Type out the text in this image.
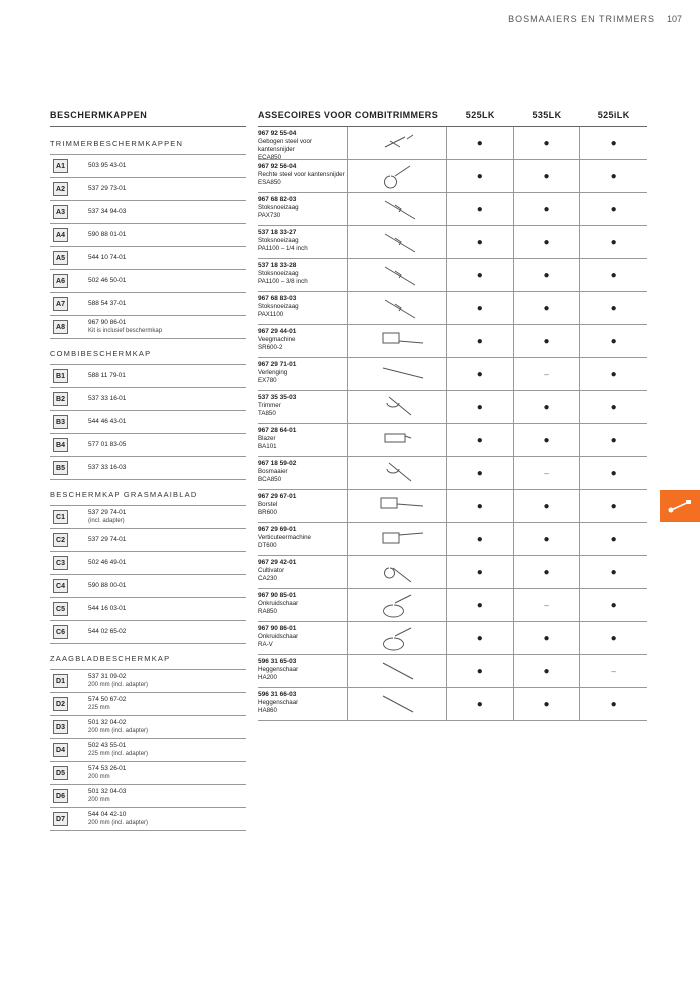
BOSMAAIERS EN TRIMMERS 107
BESCHERMKAPPEN
TRIMMERBESCHERMKAPPEN
A1	503 95 43-01
A2	537 29 73-01
A3	537 34 94-03
A4	590 88 01-01
A5	544 10 74-01
A6	502 46 50-01
A7	588 54 37-01
A8
967 90 86-01
Kit is inclusief beschermkap
COMBIBESCHERMKAP
B1	588 11 79-01
B2	537 33 16-01
B3	544 46 43-01
B4	577 01 83-05
B5	537 33 16-03
BESCHERMKAP GRASMAAIBLAD
C1
537 29 74-01
(incl. adapter)
C2	537 29 74-01
C3	502 46 49-01
C4	590 88 00-01
C5	544 16 03-01
C6	544 02 65-02
ZAAGBLADBESCHERMKAP
D1
537 31 09-02
200 mm (incl. adapter)
D2
574 50 67-02
225 mm
D3
501 32 04-02
200 mm (incl. adapter)
D4
502 43 55-01
225 mm (incl. adapter)
D5
574 53 26-01
200 mm
D6
501 32 04-03
200 mm
D7
544 04 42-10
200 mm (incl. adapter)
ASSECOIRES VOOR COMBITRIMMERS	525LK	535LK	525iLK
967 92 55-04
Gebogen steel voor kantensnijder
ECA850
●	●	●
967 92 56-04
Rechte steel voor kantensnijder
ESA850
●	●	●
967 68 82-03
Stoksnoeizaag
PAX730
●	●	●
537 18 33-27
Stoksnoeizaag
PA1100 – 1/4 inch
●	●	●
537 18 33-28
Stoksnoeizaag
PA1100 – 3/8 inch
●	●	●
967 68 83-03
Stoksnoeizaag
PAX1100
●	●	●
967 29 44-01
Veegmachine
SR600-2
●	●	●
967 29 71-01
Verlenging
EX780
●	–	●
537 35 35-03
Trimmer
TA850
●	●	●
967 28 64-01
Blazer
BA101
●	●	●
967 18 59-02
Bosmaaier
BCA850
●	–	●
967 29 67-01
Borstel
BR600
●	●	●
967 29 69-01
Verticuteermachine
DT600
●	●	●
967 29 42-01
Cultivator
CA230
●	●	●
967 90 85-01
Onkruidschaar
RA850
●	–	●
967 90 86-01
Onkruidschaar
RA-V
●	●	●
596 31 65-03
Heggenschaar
HA200
●	●	–
596 31 66-03
Heggenschaar
HA860
●	●	●
